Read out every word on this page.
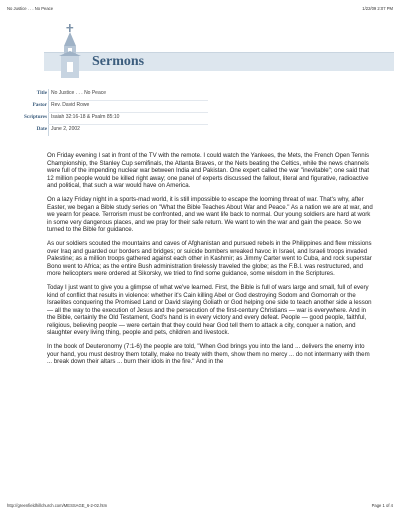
No Justice . . . No Peace	1/22/09 2:07 PM
Sermons
Title No Justice . . . No Peace
Pastor Rev. David Rowe
Scriptures Isaiah 32:16-18 & Psalm 85:10
Date June 2, 2002

On Friday evening I sat in front of the TV with the remote. I could watch the Yankees, the Mets, the French Open Tennis Championship, the Stanley Cup semifinals, the Atlanta Braves, or the Nets beating the Celtics, while the news channels were full of the impending nuclear war between India and Pakistan. One expert called the war "inevitable"; one said that 12 million people would be killed right away; one panel of experts discussed the fallout, literal and figurative, radioactive and political, that such a war would have on America.

On a lazy Friday night in a sports-mad world, it is still impossible to escape the looming threat of war. That's why, after Easter, we began a Bible study series on "What the Bible Teaches About War and Peace." As a nation we are at war, and we yearn for peace. Terrorism must be confronted, and we want life back to normal. Our young soldiers are hard at work in some very dangerous places, and we pray for their safe return. We want to win the war and gain the peace. So we turned to the Bible for guidance.

As our soldiers scouted the mountains and caves of Afghanistan and pursued rebels in the Philippines and flew missions over Iraq and guarded our borders and bridges; or suicide bombers wreaked havoc in Israel, and Israeli troops invaded Palestine; as a million troops gathered against each other in Kashmir; as Jimmy Carter went to Cuba, and rock superstar Bono went to Africa; as the entire Bush administration tirelessly traveled the globe; as the F.B.I. was restructured, and more helicopters were ordered at Sikorsky, we tried to find some guidance, some wisdom in the Scriptures.

Today I just want to give you a glimpse of what we've learned. First, the Bible is full of wars large and small, full of every kind of conflict that results in violence: whether it's Cain killing Abel or God destroying Sodom and Gomorrah or the Israelites conquering the Promised Land or David slaying Goliath or God helping one side to teach another side a lesson — all the way to the execution of Jesus and the persecution of the first-century Christians — war is everywhere. And in the Bible, certainly the Old Testament, God's hand is in every victory and every defeat. People — good people, faithful, religious, believing people — were certain that they could hear God tell them to attack a city, conquer a nation, and slaughter every living thing, people and pets, children and livestock.

In the book of Deuteronomy (7:1-6) the people are told, "When God brings you into the land ... delivers the enemy into your hand, you must destroy them totally, make no treaty with them, show them no mercy ... do not intermarry with them ... break down their altars ... burn their idols in the fire." And in the

http://greenfieldhillchurch.com/MESSAGE_6-2-02.htm	Page 1 of 4
